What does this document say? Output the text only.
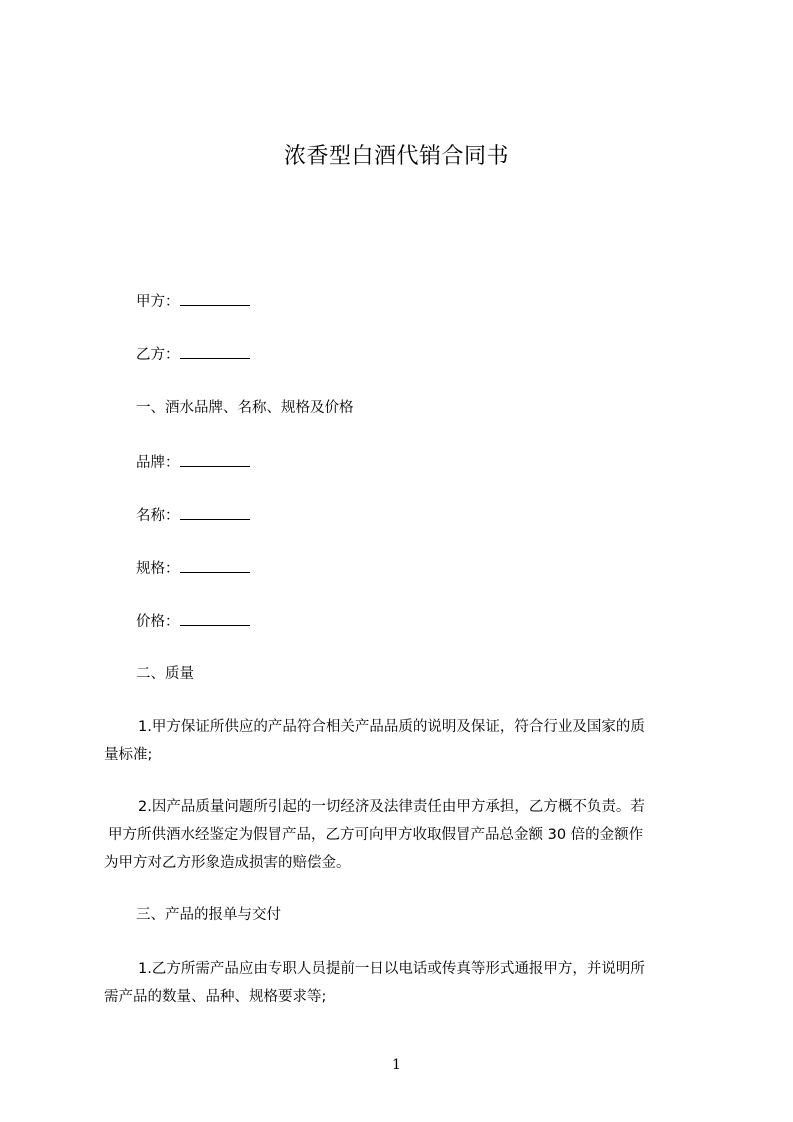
浓香型白酒代销合同书
甲方：
乙方：
一、酒水品牌、名称、规格及价格
品牌：
名称：
规格：
价格：
二、质量
1.甲方保证所供应的产品符合相关产品品质的说明及保证，符合行业及国家的质
量标准;
2.因产品质量问题所引起的一切经济及法律责任由甲方承担，乙方概不负责。若
甲方所供酒水经鉴定为假冒产品，乙方可向甲方收取假冒产品总金额 30 倍的金额作
为甲方对乙方形象造成损害的赔偿金。
三、产品的报单与交付
1.乙方所需产品应由专职人员提前一日以电话或传真等形式通报甲方，并说明所
需产品的数量、品种、规格要求等;
1
